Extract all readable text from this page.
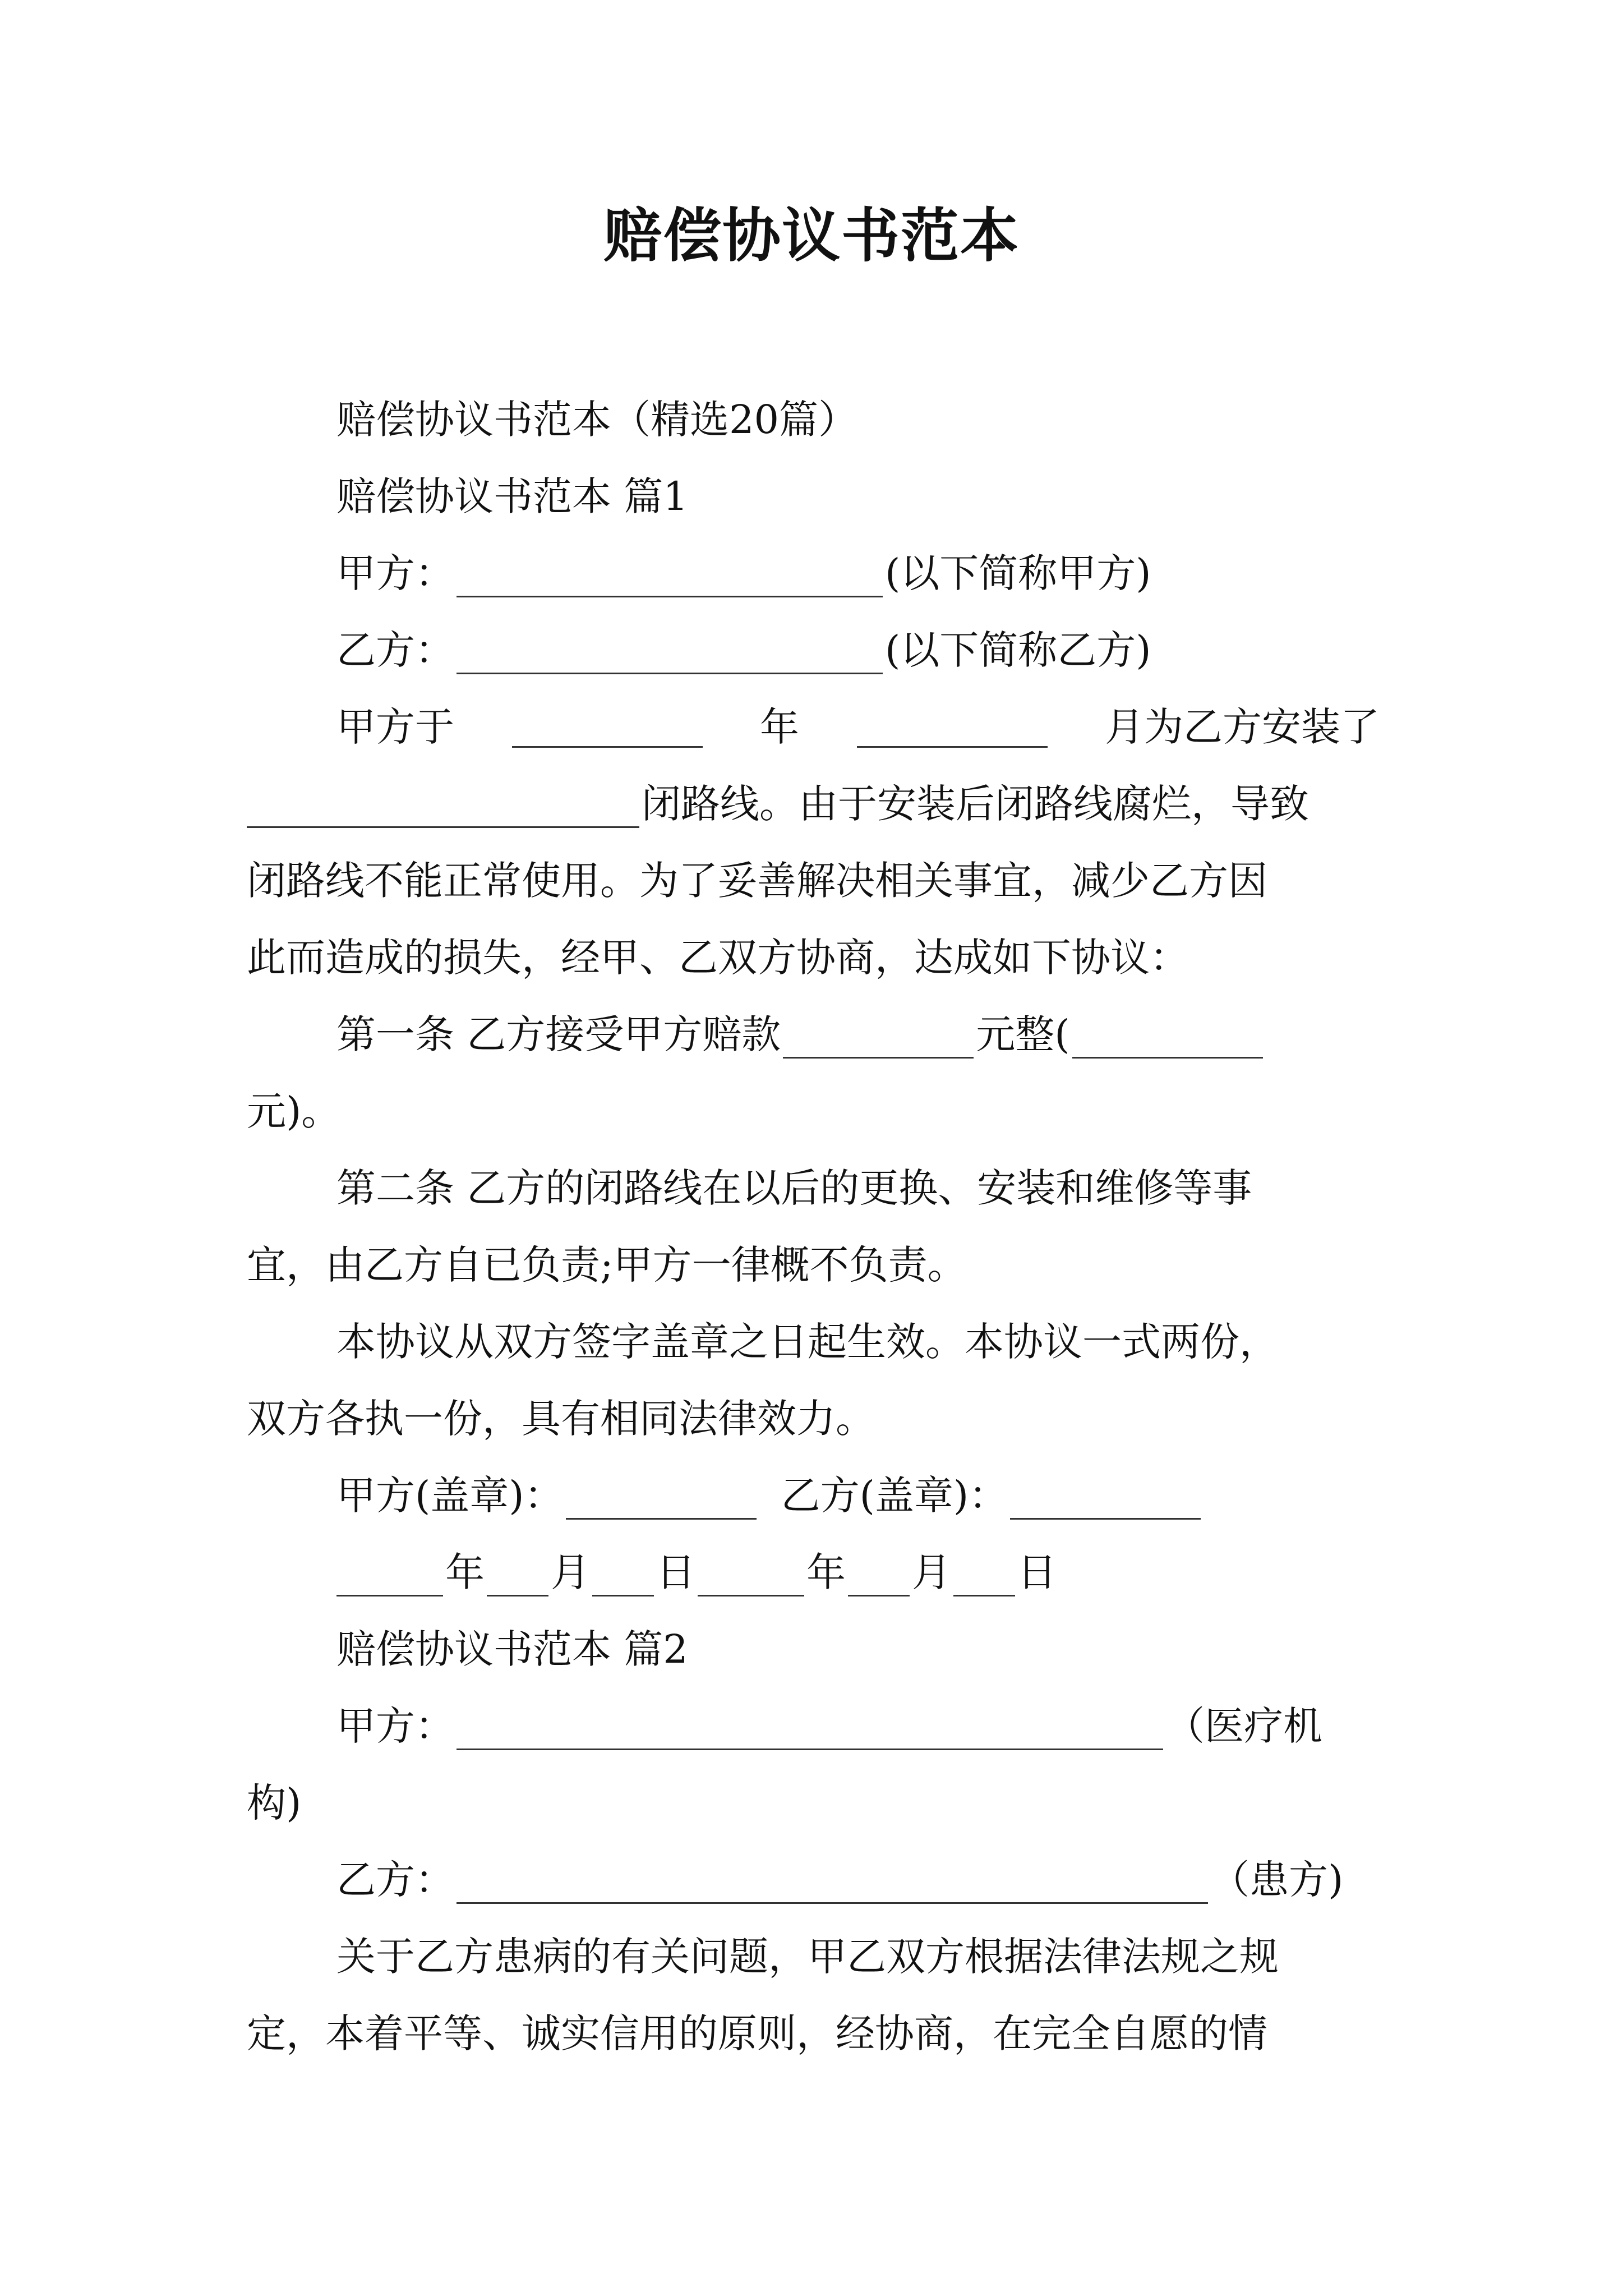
赔偿协议书范本
赔偿协议书范本（精选20篇）
赔偿协议书范本 篇1
甲方：	(以下简称甲方)
乙方：	(以下简称乙方)
甲方于	年	月为乙方安装了
闭路线。由于安装后闭路线腐烂，导致
闭路线不能正常使用。为了妥善解决相关事宜，减少乙方因
此而造成的损失，经甲、乙双方协商，达成如下协议：
第一条 乙方接受甲方赔款	元整(
元)。
第二条 乙方的闭路线在以后的更换、安装和维修等事
宜，由乙方自已负责;甲方一律概不负责。
本协议从双方签字盖章之日起生效。本协议一式两份，
双方各执一份，具有相同法律效力。
甲方(盖章)：	乙方(盖章)：
年 月 日	年 月 日
赔偿协议书范本 篇2
甲方：	（医疗机
构)
乙方：	（患方)
关于乙方患病的有关问题，甲乙双方根据法律法规之规
定，本着平等、诚实信用的原则，经协商，在完全自愿的情
